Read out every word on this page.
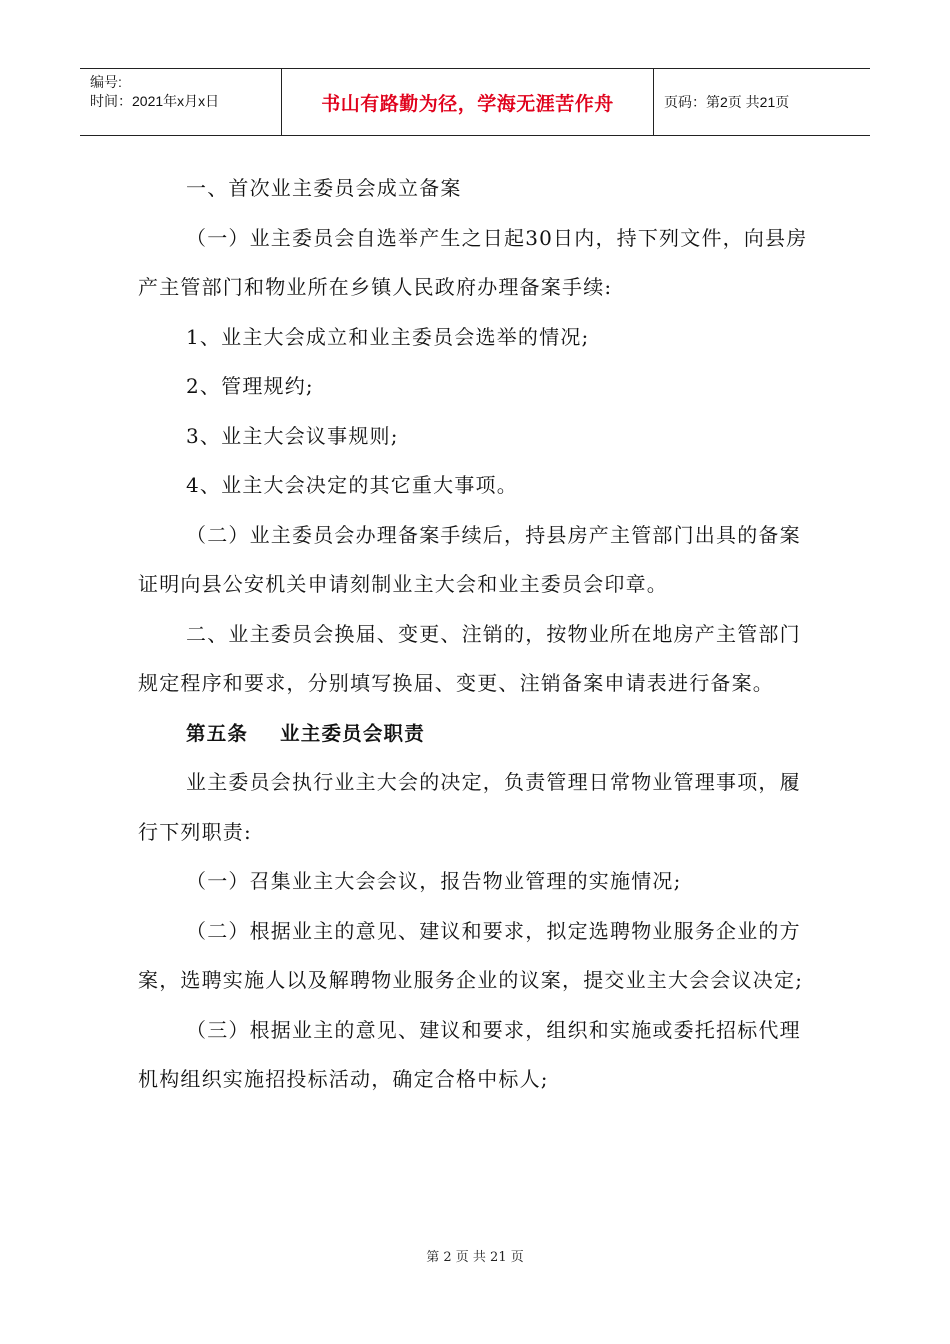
编号:
时间：2021年x月x日	书山有路勤为径，学海无涯苦作舟	页码：第2页 共21页

一、首次业主委员会成立备案

（一）业主委员会自选举产生之日起30日内，持下列文件，向县房产主管部门和物业所在乡镇人民政府办理备案手续:

1、业主大会成立和业主委员会选举的情况;

2、管理规约;

3、业主大会议事规则;

4、业主大会决定的其它重大事项。

（二）业主委员会办理备案手续后，持县房产主管部门出具的备案证明向县公安机关申请刻制业主大会和业主委员会印章。

二、业主委员会换届、变更、注销的，按物业所在地房产主管部门规定程序和要求，分别填写换届、变更、注销备案申请表进行备案。

第五条    业主委员会职责

业主委员会执行业主大会的决定，负责管理日常物业管理事项，履行下列职责:

（一）召集业主大会会议，报告物业管理的实施情况;

（二）根据业主的意见、建议和要求，拟定选聘物业服务企业的方案，选聘实施人以及解聘物业服务企业的议案，提交业主大会会议决定;

（三）根据业主的意见、建议和要求，组织和实施或委托招标代理机构组织实施招投标活动，确定合格中标人;

第 2 页 共 21 页
